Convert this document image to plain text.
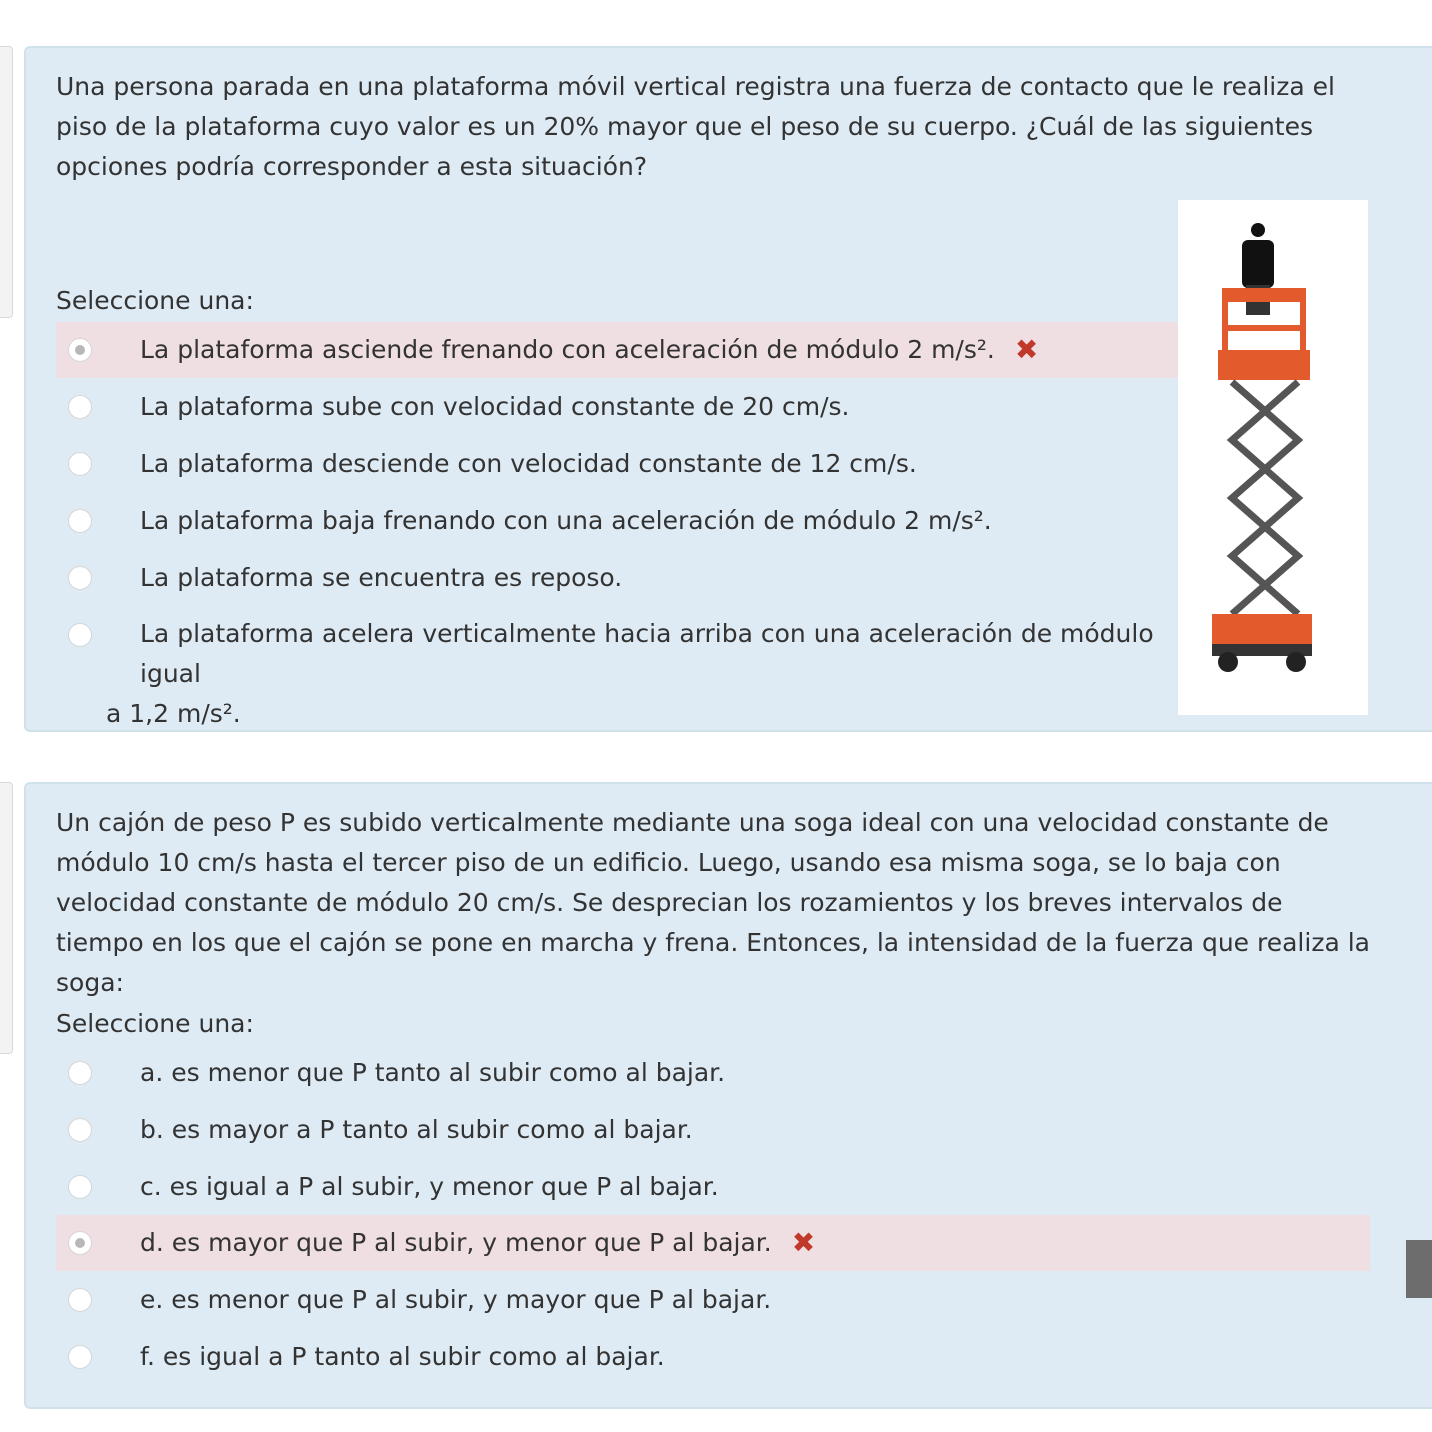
Una persona parada en una plataforma móvil vertical registra una fuerza de contacto que le realiza el piso de la plataforma cuyo valor es un 20% mayor que el peso de su cuerpo. ¿Cuál de las siguientes opciones podría corresponder a esta situación?

Seleccione una:
La plataforma asciende frenando con aceleración de módulo 2 m/s². ✖
La plataforma sube con velocidad constante de 20 cm/s.
La plataforma desciende con velocidad constante de 12 cm/s.
La plataforma baja frenando con una aceleración de módulo 2 m/s².
La plataforma se encuentra es reposo.
La plataforma acelera verticalmente hacia arriba con una aceleración de módulo igual
a 1,2 m/s².

Un cajón de peso P es subido verticalmente mediante una soga ideal con una velocidad constante de módulo 10 cm/s hasta el tercer piso de un edificio. Luego, usando esa misma soga, se lo baja con velocidad constante de módulo 20 cm/s. Se desprecian los rozamientos y los breves intervalos de tiempo en los que el cajón se pone en marcha y frena. Entonces, la intensidad de la fuerza que realiza la soga:

Seleccione una:
a. es menor que P tanto al subir como al bajar.
b. es mayor a P tanto al subir como al bajar.
c. es igual a P al subir, y menor que P al bajar.
d. es mayor que P al subir, y menor que P al bajar. ✖
e. es menor que P al subir, y mayor que P al bajar.
f. es igual a P tanto al subir como al bajar.
